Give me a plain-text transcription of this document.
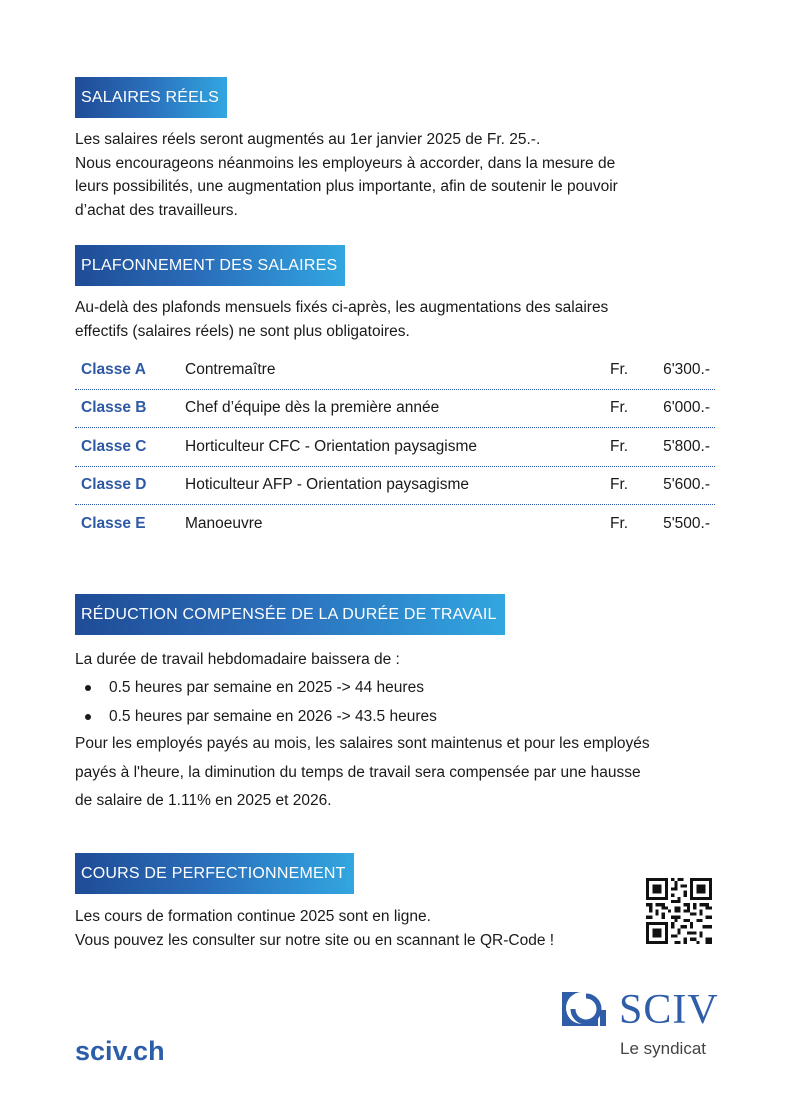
SALAIRES RÉELS
Les salaires réels seront augmentés au 1er janvier 2025 de Fr. 25.-.
Nous encourageons néanmoins les employeurs à accorder, dans la mesure de
leurs possibilités, une augmentation plus importante, afin de soutenir le pouvoir
d’achat des travailleurs.
PLAFONNEMENT DES SALAIRES
Au-delà des plafonds mensuels fixés ci-après, les augmentations des salaires
effectifs (salaires réels) ne sont plus obligatoires.
Classe A	Contremaître	Fr.	6'300.-
Classe B	Chef d’équipe dès la première année	Fr.	6'000.-
Classe C	Horticulteur CFC - Orientation paysagisme	Fr.	5'800.-
Classe D	Hoticulteur AFP - Orientation paysagisme	Fr.	5'600.-
Classe E	Manoeuvre	Fr.	5'500.-
RÉDUCTION COMPENSÉE DE LA DURÉE DE TRAVAIL
La durée de travail hebdomadaire baissera de :
0.5 heures par semaine en 2025 -> 44 heures
0.5 heures par semaine en 2026 -> 43.5 heures
Pour les employés payés au mois, les salaires sont maintenus et pour les employés
payés à l'heure, la diminution du temps de travail sera compensée par une hausse
de salaire de 1.11% en 2025 et 2026.
COURS DE PERFECTIONNEMENT
Les cours de formation continue 2025 sont en ligne.
Vous pouvez les consulter sur notre site ou en scannant le QR-Code !
sciv.ch
SCIV
Le syndicat
